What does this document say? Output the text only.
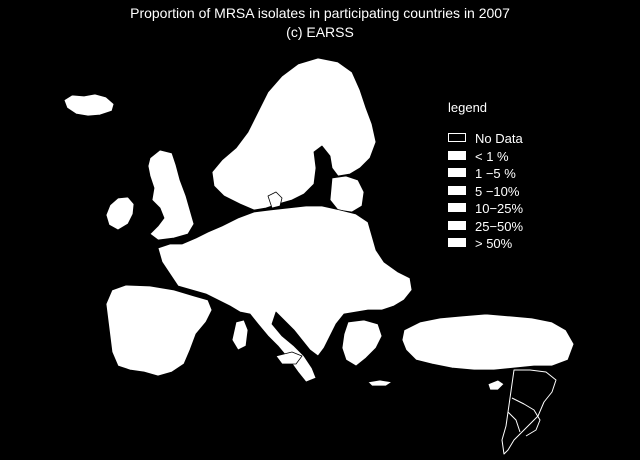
Proportion of MRSA isolates in participating countries in 2007
(c) EARSS
legend
No Data
< 1 %
1 −5 %
5 −10%
10−25%
25−50%
> 50%
